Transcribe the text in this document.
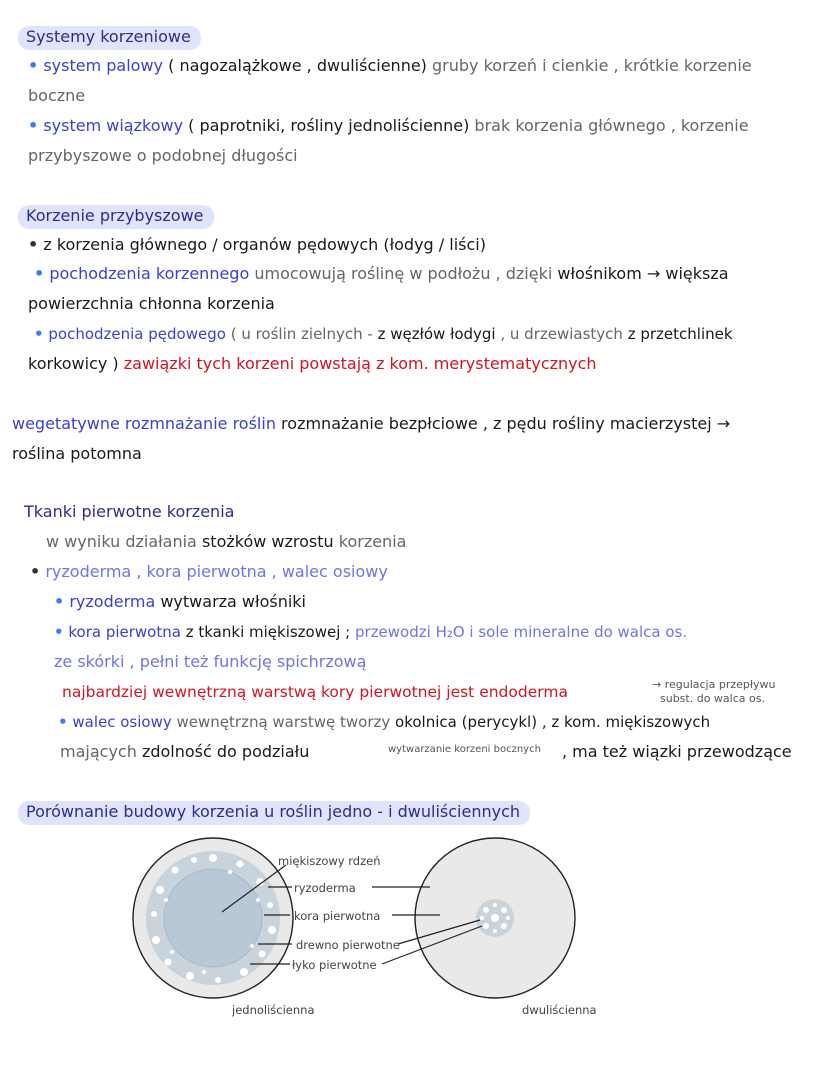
Systemy korzeniowe
• system palowy ( nagozalążkowe , dwuliścienne) gruby korzeń i cienkie , krótkie korzenie
boczne
• system wiązkowy ( paprotniki, rośliny jednoliścienne) brak korzenia głównego , korzenie
przybyszowe o podobnej długości
Korzenie przybyszowe
• z korzenia głównego / organów pędowych (łodyg / liści)
• pochodzenia korzennego umocowują roślinę w podłożu , dzięki włośnikom → większa
powierzchnia chłonna korzenia
• pochodzenia pędowego ( u roślin zielnych - z węzłów łodygi , u drzewiastych z przetchlinek
korkowicy ) zawiązki tych korzeni powstają z kom. merystematycznych
wegetatywne rozmnażanie roślin rozmnażanie bezpłciowe , z pędu rośliny macierzystej →
roślina potomna
Tkanki pierwotne korzenia
w wyniku działania stożków wzrostu korzenia
• ryzoderma , kora pierwotna , walec osiowy
• ryzoderma wytwarza włośniki
• kora pierwotna z tkanki miękiszowej ; przewodzi H₂O i sole mineralne do walca os.
ze skórki , pełni też funkcję spichrzową
najbardziej wewnętrzną warstwą kory pierwotnej jest endoderma	→ regulacja przepływu
subst. do walca os.
• walec osiowy wewnętrzną warstwę tworzy okolnica (perycykl) , z kom. miękiszowych
mających zdolność do podziału	wytwarzanie korzeni bocznych , ma też wiązki przewodzące
Porównanie budowy korzenia u roślin jedno - i dwuliściennych
miękiszowy rdzeń
ryzoderma
kora pierwotna
drewno pierwotne
łyko pierwotne
jednoliścienna	dwuliścienna
